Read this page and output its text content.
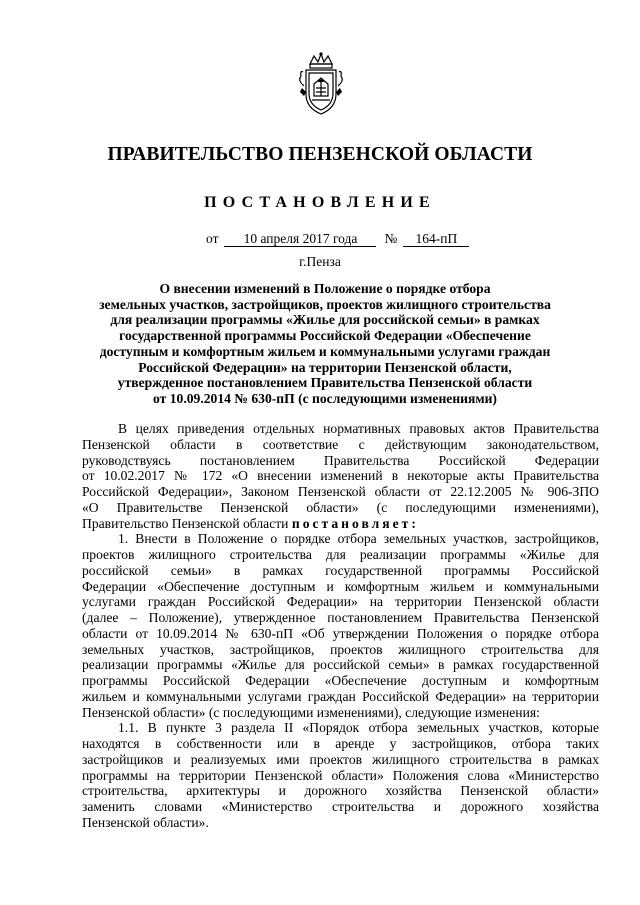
ПРАВИТЕЛЬСТВО ПЕНЗЕНСКОЙ ОБЛАСТИ
ПОСТАНОВЛЕНИЕ
от 10 апреля 2017 года № 164-пП
г.Пенза
О внесении изменений в Положение о порядке отбора
земельных участков, застройщиков, проектов жилищного строительства
для реализации программы «Жилье для российской семьи» в рамках
государственной программы Российской Федерации «Обеспечение
доступным и комфортным жильем и коммунальными услугами граждан
Российской Федерации» на территории Пензенской области,
утвержденное постановлением Правительства Пензенской области
от 10.09.2014 № 630-пП (с последующими изменениями)
В целях приведения отдельных нормативных правовых актов Правительства
Пензенской области в соответствие с действующим законодательством,
руководствуясь постановлением Правительства Российской Федерации
от 10.02.2017 № 172 «О внесении изменений в некоторые акты Правительства
Российской Федерации», Законом Пензенской области от 22.12.2005 № 906-ЗПО
«О Правительстве Пензенской области» (с последующими изменениями),
Правительство Пензенской области постановляет:
1. Внести в Положение о порядке отбора земельных участков, застройщиков,
проектов жилищного строительства для реализации программы «Жилье для
российской семьи» в рамках государственной программы Российской
Федерации «Обеспечение доступным и комфортным жильем и коммунальными
услугами граждан Российской Федерации» на территории Пензенской области
(далее – Положение), утвержденное постановлением Правительства Пензенской
области от 10.09.2014 № 630-пП «Об утверждении Положения о порядке отбора
земельных участков, застройщиков, проектов жилищного строительства для
реализации программы «Жилье для российской семьи» в рамках государственной
программы Российской Федерации «Обеспечение доступным и комфортным
жильем и коммунальными услугами граждан Российской Федерации» на территории
Пензенской области» (с последующими изменениями), следующие изменения:
1.1. В пункте 3 раздела II «Порядок отбора земельных участков, которые
находятся в собственности или в аренде у застройщиков, отбора таких
застройщиков и реализуемых ими проектов жилищного строительства в рамках
программы на территории Пензенской области» Положения слова «Министерство
строительства, архитектуры и дорожного хозяйства Пензенской области»
заменить словами «Министерство строительства и дорожного хозяйства
Пензенской области».
